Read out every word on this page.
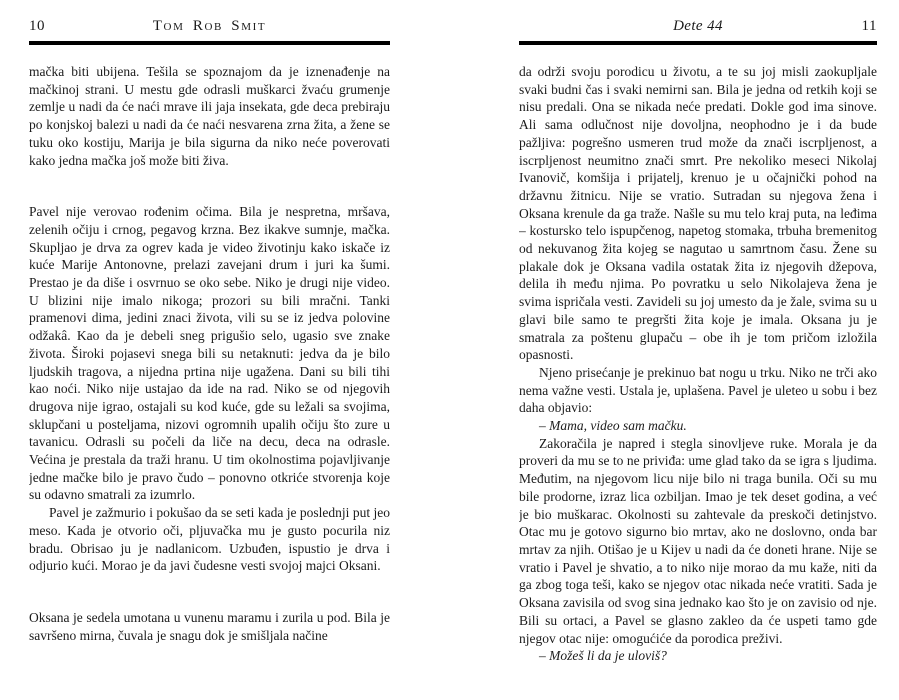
10	Tom Rob Smit

mačka biti ubijena. Tešila se spoznajom da je iznenađenje na mačkinoj strani. U mestu gde odrasli muškarci žvaću grumenje zemlje u nadi da će naći mrave ili jaja insekata, gde deca prebiraju po konjskoj balezi u nadi da će naći nesvarena zrna žita, a žene se tuku oko kostiju, Marija je bila sigurna da niko neće poverovati kako jedna mačka još može biti živa.

Pavel nije verovao rođenim očima. Bila je nespretna, mršava, zelenih očiju i crnog, pegavog krzna. Bez ikakve sumnje, mačka. Skupljao je drva za ogrev kada je video životinju kako iskače iz kuće Marije Antonovne, prelazi zavejani drum i juri ka šumi. Prestao je da diše i osvrnuo se oko sebe. Niko je drugi nije video. U blizini nije imalo nikoga; prozori su bili mračni. Tanki pramenovi dima, jedini znaci života, vili su se iz jedva polovine odžakâ. Kao da je debeli sneg prigušio selo, ugasio sve znake života. Široki pojasevi snega bili su netaknuti: jedva da je bilo ljudskih tragova, a nijedna prtina nije ugažena. Dani su bili tihi kao noći. Niko nije ustajao da ide na rad. Niko se od njegovih drugova nije igrao, ostajali su kod kuće, gde su ležali sa svojima, sklupčani u posteljama, nizovi ogromnih upalih očiju što zure u tavanicu. Odrasli su počeli da liče na decu, deca na odrasle. Većina je prestala da traži hranu. U tim okolnostima pojavljivanje jedne mačke bilo je pravo čudo – ponovno otkriće stvorenja koje su odavno smatrali za izumrlo.

Pavel je zažmurio i pokušao da se seti kada je poslednji put jeo meso. Kada je otvorio oči, pljuvačka mu je gusto pocurila niz bradu. Obrisao ju je nadlanicom. Uzbuđen, ispustio je drva i odjurio kući. Morao je da javi čudesne vesti svojoj majci Oksani.

Oksana je sedela umotana u vunenu maramu i zurila u pod. Bila je savršeno mirna, čuvala je snagu dok je smišljala načine

Dete 44	11

da održi svoju porodicu u životu, a te su joj misli zaokupljale svaki budni čas i svaki nemirni san. Bila je jedna od retkih koji se nisu predali. Ona se nikada neće predati. Dokle god ima sinove. Ali sama odlučnost nije dovoljna, neophodno je i da bude pažljiva: pogrešno usmeren trud može da znači iscrpljenost, a iscrpljenost neumitno znači smrt. Pre nekoliko meseci Nikolaj Ivanovič, komšija i prijatelj, krenuo je u očajnički pohod na državnu žitnicu. Nije se vratio. Sutradan su njegova žena i Oksana krenule da ga traže. Našle su mu telo kraj puta, na leđima – kostursko telo ispupčenog, napetog stomaka, trbuha bremenitog od nekuvanog žita kojeg se nagutao u samrtnom času. Žene su plakale dok je Oksana vadila ostatak žita iz njegovih džepova, delila ih među njima. Po povratku u selo Nikolajeva žena je svima ispričala vesti. Zavideli su joj umesto da je žale, svima su u glavi bile samo te pregršti žita koje je imala. Oksana ju je smatrala za poštenu glupaču – obe ih je tom pričom izložila opasnosti.

Njeno prisećanje je prekinuo bat nogu u trku. Niko ne trči ako nema važne vesti. Ustala je, uplašena. Pavel je uleteo u sobu i bez daha objavio:

– Mama, video sam mačku.

Zakoračila je napred i stegla sinovljeve ruke. Morala je da proveri da mu se to ne priviđa: ume glad tako da se igra s ljudima. Međutim, na njegovom licu nije bilo ni traga bunila. Oči su mu bile prodorne, izraz lica ozbiljan. Imao je tek deset godina, a već je bio muškarac. Okolnosti su zahtevale da preskoči detinjstvo. Otac mu je gotovo sigurno bio mrtav, ako ne doslovno, onda bar mrtav za njih. Otišao je u Kijev u nadi da će doneti hrane. Nije se vratio i Pavel je shvatio, a to niko nije morao da mu kaže, niti da ga zbog toga teši, kako se njegov otac nikada neće vratiti. Sada je Oksana zavisila od svog sina jednako kao što je on zavisio od nje. Bili su ortaci, a Pavel se glasno zakleo da će uspeti tamo gde njegov otac nije: omogućiće da porodica preživi.

– Možeš li da je uloviš?
